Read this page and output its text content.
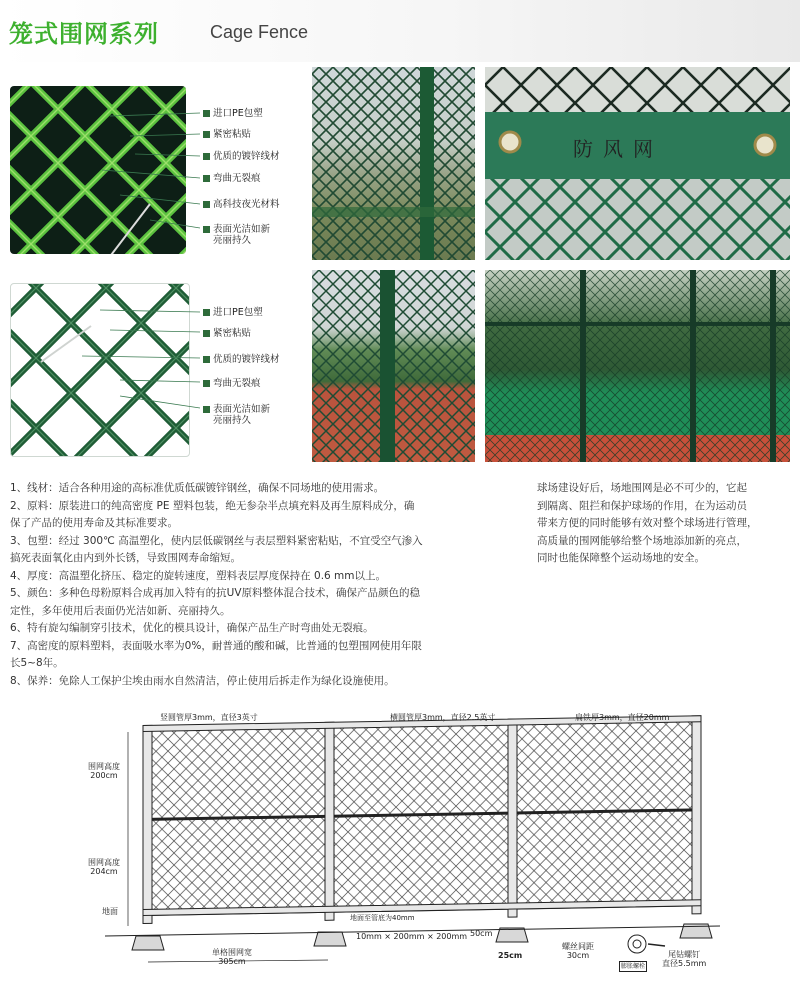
笼式围网系列	Cage Fence
进口PE包塑
紧密粘贴
优质的镀锌线材
弯曲无裂痕
高科技夜光材料
表面光洁如新
亮丽持久
进口PE包塑
紧密粘贴
优质的镀锌线材
弯曲无裂痕
表面光洁如新
亮丽持久
防风网

1、线材：适合各种用途的高标准优质低碳镀锌钢丝，确保不同场地的使用需求。

2、原料：原装进口的纯高密度 PE 塑料包装，绝无参杂半点填充料及再生原料成分，确

保了产品的使用寿命及其标准要求。

3、包塑：经过 300℃ 高温塑化，使内层低碳钢丝与表层塑料紧密粘贴，不宜受空气渗入

搞死表面氧化由内到外长锈，导致围网寿命缩短。

4、厚度：高温塑化挤压、稳定的旋转速度，塑料表层厚度保持在 0.6 mm以上。

5、颜色：多种色母粉原料合成再加入特有的抗UV原料整体混合技术，确保产品颜色的稳

定性，多年使用后表面仍光洁如新、亮丽持久。

6、特有旋勾编制穿引技术，优化的模具设计，确保产品生产时弯曲处无裂痕。

7、高密度的原料塑料，表面吸水率为0%，耐普通的酸和碱，比普通的包塑围网使用年限

长5~8年。

8、保养：免除人工保护尘埃由雨水自然清洁，停止使用后拆走作为绿化设施使用。

球场建设好后，场地围网是必不可少的，它起

到隔离、阻拦和保护球场的作用，在为运动员

带来方便的同时能够有效对整个球场进行管理，

高质量的围网能够给整个场地添加新的亮点，

同时也能保障整个运动场地的安全。

竖圆管厚3mm，直径3英寸	横圆管厚3mm，直径2.5英寸	扁铁厚3mm，直径20mm
围网高度
200cm
围网高度
204cm
地面
地面至管底为40mm
10mm × 200mm × 200mm 50cm
25cm
单格围网宽
305cm
螺丝间距
30cm	尾钻螺钉
直径5.5mm
膨胀螺栓
